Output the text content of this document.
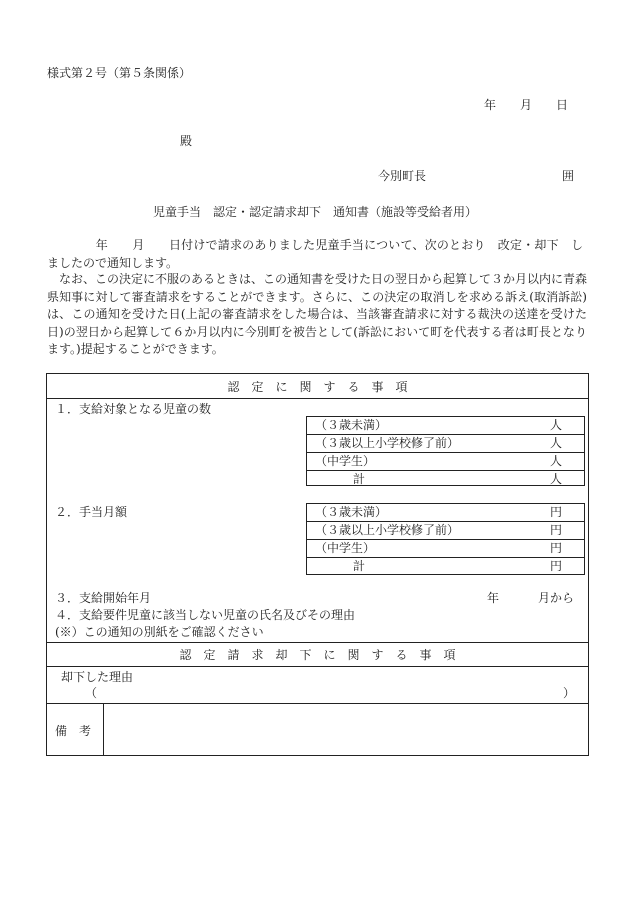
様式第２号（第５条関係）
年 月 日
殿
今別町長	囲
児童手当　認定・認定請求却下　通知書（施設等受給者用）
　　　　年　　月　　日付けで請求のありました児童手当について、次のとおり　改定・却下　しましたので通知します。
なお、この決定に不服のあるときは、この通知書を受けた日の翌日から起算して３か月以内に青森県知事に対して審査請求をすることができます。さらに、この決定の取消しを求める訴え(取消訴訟)は、この通知を受けた日(上記の審査請求をした場合は、当該審査請求に対する裁決の送達を受けた日)の翌日から起算して６か月以内に今別町を被告として(訴訟において町を代表する者は町長となります。)提起することができます。
認　定　に　関　す　る　事　項
１．支給対象となる児童の数
（３歳未満）	人
（３歳以上小学校修了前）	人
（中学生）	人
計	人
２．手当月額	（３歳未満）	円
（３歳以上小学校修了前）	円
（中学生）	円
計	円
３．支給開始年月	年	月から
４．支給要件児童に該当しない児童の氏名及びその理由
(※）この通知の別紙をご確認ください
認　定　請　求　却　下　に　関　す　る　事　項
却下した理由
（	）
備　考
